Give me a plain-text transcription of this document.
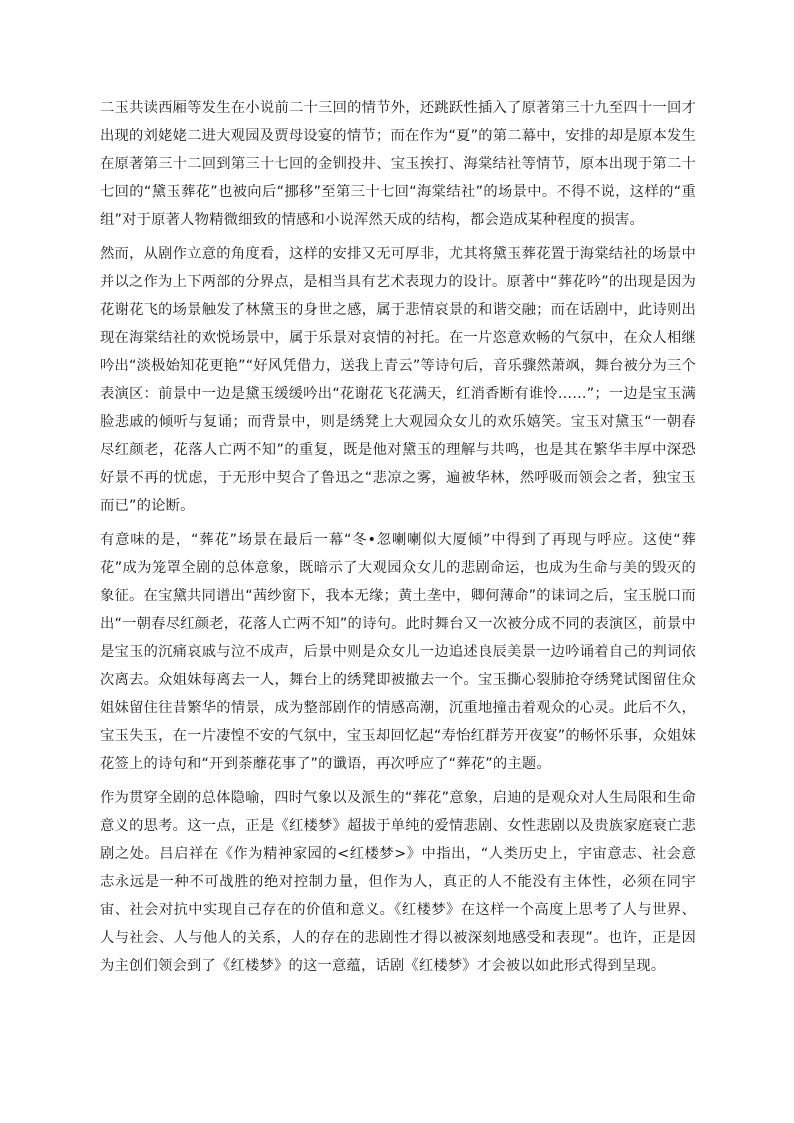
二玉共读西厢等发生在小说前二十三回的情节外，还跳跃性插入了原著第三十九至四十一回才出现的刘姥姥二进大观园及贾母设宴的情节；而在作为“夏”的第二幕中，安排的却是原本发生在原著第三十二回到第三十七回的金钏投井、宝玉挨打、海棠结社等情节，原本出现于第二十七回的“黛玉葬花”也被向后“挪移”至第三十七回“海棠结社”的场景中。不得不说，这样的“重组”对于原著人物精微细致的情感和小说浑然天成的结构，都会造成某种程度的损害。

然而，从剧作立意的角度看，这样的安排又无可厚非，尤其将黛玉葬花置于海棠结社的场景中并以之作为上下两部的分界点，是相当具有艺术表现力的设计。原著中“葬花吟”的出现是因为花谢花飞的场景触发了林黛玉的身世之感，属于悲情哀景的和谐交融；而在话剧中，此诗则出现在海棠结社的欢悦场景中，属于乐景对哀情的衬托。在一片恣意欢畅的气氛中，在众人相继吟出“淡极始知花更艳”“好风凭借力，送我上青云”等诗句后，音乐骤然萧飒，舞台被分为三个表演区：前景中一边是黛玉缓缓吟出“花谢花飞花满天，红消香断有谁怜……”；一边是宝玉满脸悲戚的倾听与复诵；而背景中，则是绣凳上大观园众女儿的欢乐嬉笑。宝玉对黛玉“一朝春尽红颜老，花落人亡两不知”的重复，既是他对黛玉的理解与共鸣，也是其在繁华丰厚中深恐好景不再的忧虑，于无形中契合了鲁迅之“悲凉之雾，遍被华林，然呼吸而领会之者，独宝玉而已”的论断。

有意味的是，“葬花”场景在最后一幕“冬•忽喇喇似大厦倾”中得到了再现与呼应。这使“葬花”成为笼罩全剧的总体意象，既暗示了大观园众女儿的悲剧命运，也成为生命与美的毁灭的象征。在宝黛共同谱出“茜纱窗下，我本无缘；黄土垄中，卿何薄命”的诔词之后，宝玉脱口而出“一朝春尽红颜老，花落人亡两不知”的诗句。此时舞台又一次被分成不同的表演区，前景中是宝玉的沉痛哀戚与泣不成声，后景中则是众女儿一边追述良辰美景一边吟诵着自己的判词依次离去。众姐妹每离去一人，舞台上的绣凳即被撤去一个。宝玉撕心裂肺抢夺绣凳试图留住众姐妹留住往昔繁华的情景，成为整部剧作的情感高潮，沉重地撞击着观众的心灵。此后不久，宝玉失玉，在一片凄惶不安的气氛中，宝玉却回忆起“寿怡红群芳开夜宴”的畅怀乐事，众姐妹花签上的诗句和“开到荼蘼花事了”的谶语，再次呼应了“葬花”的主题。

作为贯穿全剧的总体隐喻，四时气象以及派生的“葬花”意象，启迪的是观众对人生局限和生命意义的思考。这一点，正是《红楼梦》超拔于单纯的爱情悲剧、女性悲剧以及贵族家庭衰亡悲剧之处。吕启祥在《作为精神家园的<红楼梦>》中指出，“人类历史上，宇宙意志、社会意志永远是一种不可战胜的绝对控制力量，但作为人，真正的人不能没有主体性，必须在同宇宙、社会对抗中实现自己存在的价值和意义。《红楼梦》在这样一个高度上思考了人与世界、人与社会、人与他人的关系，人的存在的悲剧性才得以被深刻地感受和表现”。也许，正是因为主创们领会到了《红楼梦》的这一意蕴，话剧《红楼梦》才会被以如此形式得到呈现。
